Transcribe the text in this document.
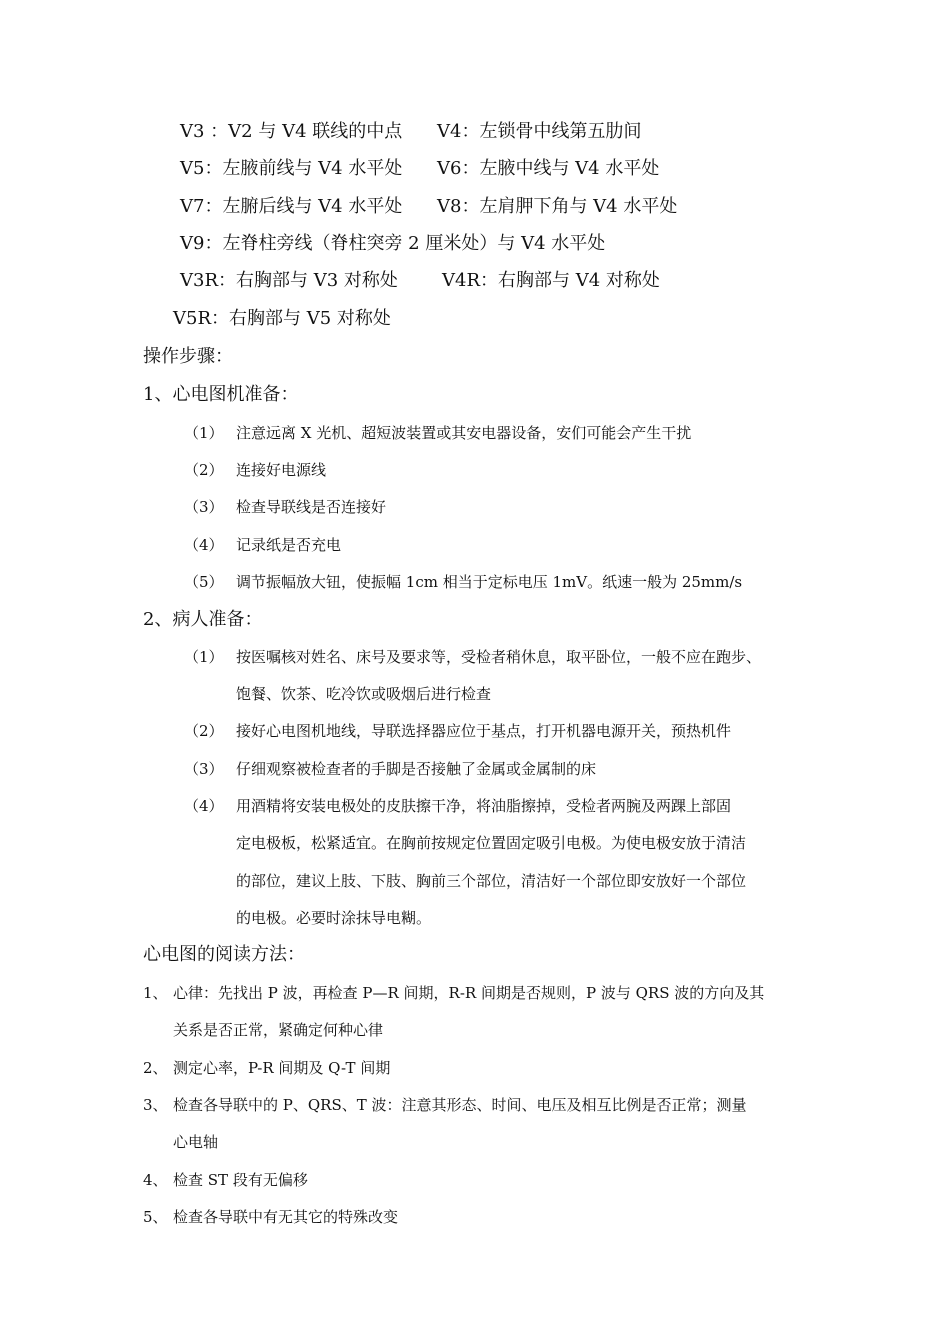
V3 ：V2 与 V4 联线的中点 V4：左锁骨中线第五肋间
V5：左腋前线与 V4 水平处 V6：左腋中线与 V4 水平处
V7：左腑后线与 V4 水平处 V8：左肩胛下角与 V4 水平处
V9：左脊柱旁线（脊柱突旁 2 厘米处）与 V4 水平处
V3R：右胸部与 V3 对称处 V4R：右胸部与 V4 对称处
V5R：右胸部与 V5 对称处
操作步骤：
1、心电图机准备：
（1） 注意远离 X 光机、超短波装置或其安电器设备，安们可能会产生干扰
（2） 连接好电源线
（3） 检查导联线是否连接好
（4） 记录纸是否充电
（5） 调节振幅放大钮，使振幅 1cm 相当于定标电压 1mV。纸速一般为 25mm/s
2、病人准备：
（1） 按医嘱核对姓名、床号及要求等，受检者稍休息，取平卧位，一般不应在跑步、
饱餐、饮茶、吃冷饮或吸烟后进行检查
（2） 接好心电图机地线，导联选择器应位于基点，打开机器电源开关，预热机件
（3） 仔细观察被检查者的手脚是否接触了金属或金属制的床
（4） 用酒精将安装电极处的皮肤擦干净，将油脂擦掉，受检者两腕及两踝上部固
定电极板，松紧适宜。在胸前按规定位置固定吸引电极。为使电极安放于清洁
的部位，建议上肢、下肢、胸前三个部位，清洁好一个部位即安放好一个部位
的电极。必要时涂抹导电糊。
心电图的阅读方法：
1、 心律：先找出 P 波，再检查 P—R 间期，R-R 间期是否规则，P 波与 QRS 波的方向及其
关系是否正常，紧确定何种心律
2、 测定心率，P-R 间期及 Q-T 间期
3、 检查各导联中的 P、QRS、T 波：注意其形态、时间、电压及相互比例是否正常；测量
心电轴
4、 检查 ST 段有无偏移
5、 检查各导联中有无其它的特殊改变
